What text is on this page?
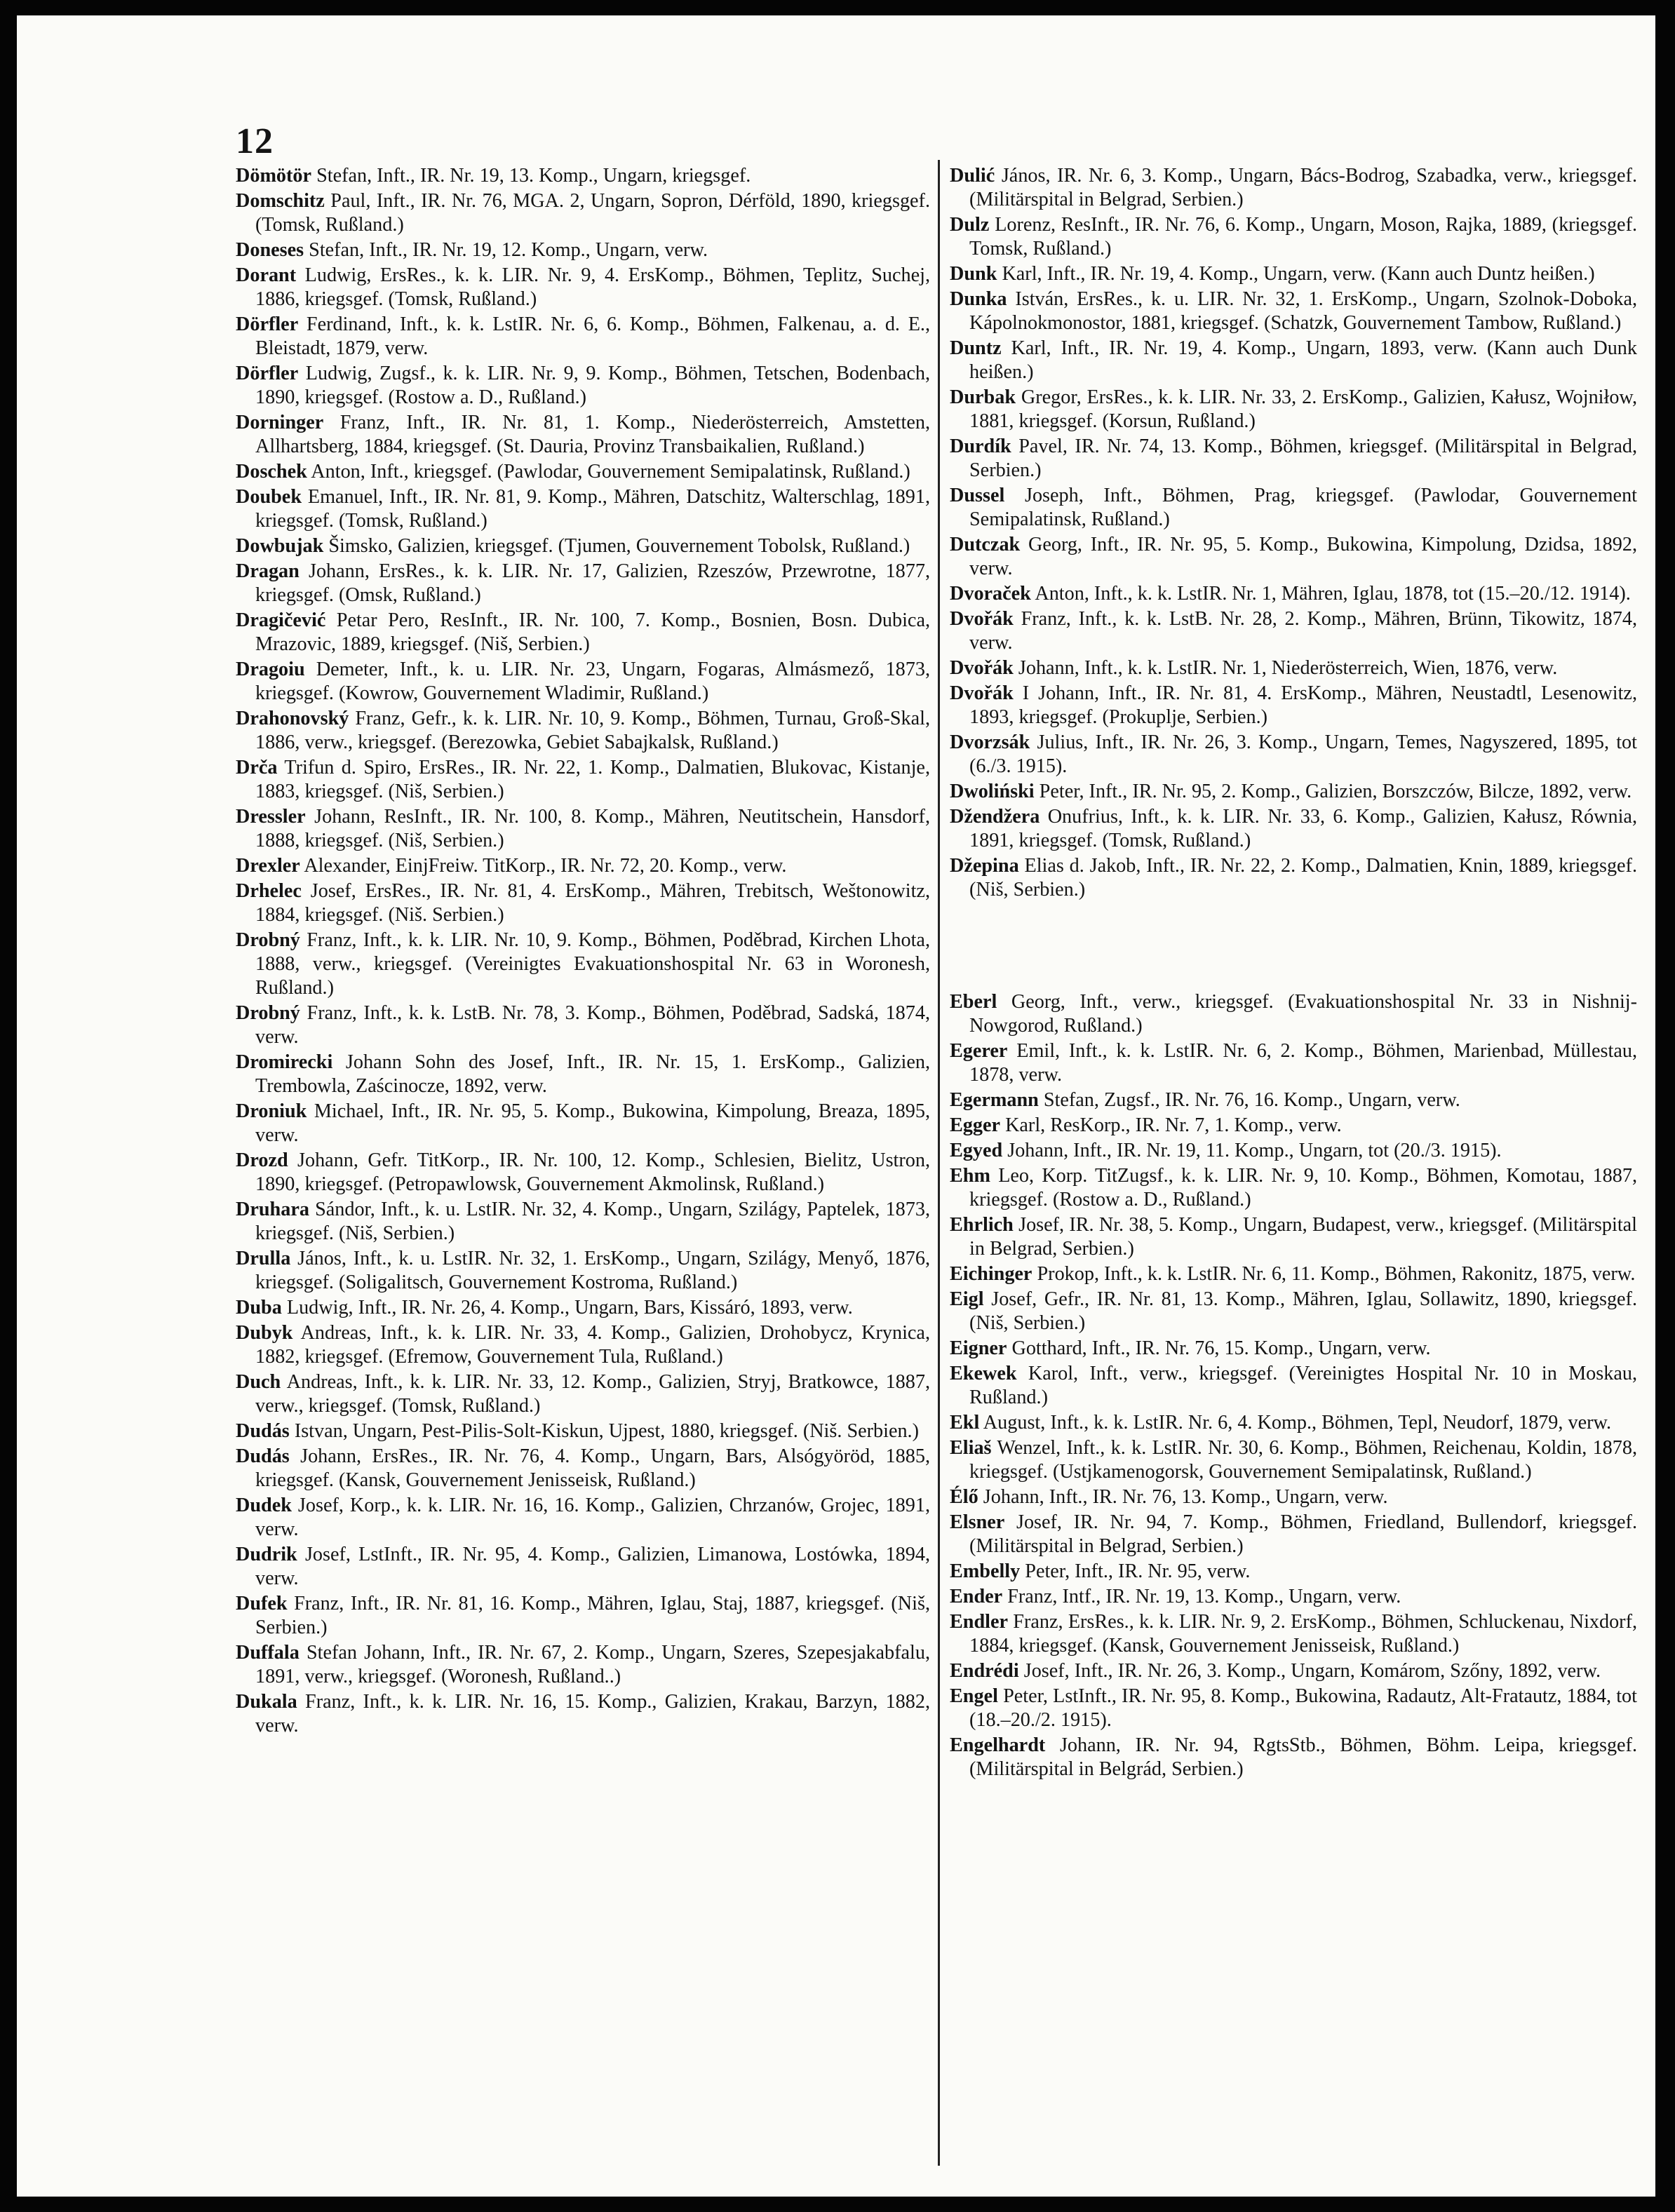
12

Dömötör Stefan, Inft., IR. Nr. 19, 13. Komp., Ungarn, kriegsgef.

Domschitz Paul, Inft., IR. Nr. 76, MGA. 2, Ungarn, Sopron, Dérföld, 1890, kriegsgef. (Tomsk, Rußland.)

Doneses Stefan, Inft., IR. Nr. 19, 12. Komp., Ungarn, verw.

Dorant Ludwig, ErsRes., k. k. LIR. Nr. 9, 4. ErsKomp., Böhmen, Teplitz, Suchej, 1886, kriegsgef. (Tomsk, Rußland.)

Dörfler Ferdinand, Inft., k. k. LstIR. Nr. 6, 6. Komp., Böhmen, Falkenau, a. d. E., Bleistadt, 1879, verw.

Dörfler Ludwig, Zugsf., k. k. LIR. Nr. 9, 9. Komp., Böhmen, Tetschen, Bodenbach, 1890, kriegsgef. (Rostow a. D., Rußland.)

Dorninger Franz, Inft., IR. Nr. 81, 1. Komp., Niederösterreich, Amstetten, Allhartsberg, 1884, kriegsgef. (St. Dauria, Provinz Transbaikalien, Rußland.)

Doschek Anton, Inft., kriegsgef. (Pawlodar, Gouvernement Semipalatinsk, Rußland.)

Doubek Emanuel, Inft., IR. Nr. 81, 9. Komp., Mähren, Datschitz, Walterschlag, 1891, kriegsgef. (Tomsk, Rußland.)

Dowbujak Šimsko, Galizien, kriegsgef. (Tjumen, Gouvernement Tobolsk, Rußland.)

Dragan Johann, ErsRes., k. k. LIR. Nr. 17, Galizien, Rzeszów, Przewrotne, 1877, kriegsgef. (Omsk, Rußland.)

Dragičević Petar Pero, ResInft., IR. Nr. 100, 7. Komp., Bosnien, Bosn. Dubica, Mrazovic, 1889, kriegsgef. (Niš, Serbien.)

Dragoiu Demeter, Inft., k. u. LIR. Nr. 23, Ungarn, Fogaras, Almásmező, 1873, kriegsgef. (Kowrow, Gouvernement Wladimir, Rußland.)

Drahonovský Franz, Gefr., k. k. LIR. Nr. 10, 9. Komp., Böhmen, Turnau, Groß-Skal, 1886, verw., kriegsgef. (Berezowka, Gebiet Sabajkalsk, Rußland.)

Drča Trifun d. Spiro, ErsRes., IR. Nr. 22, 1. Komp., Dalmatien, Blukovac, Kistanje, 1883, kriegsgef. (Niš, Serbien.)

Dressler Johann, ResInft., IR. Nr. 100, 8. Komp., Mähren, Neutitschein, Hansdorf, 1888, kriegsgef. (Niš, Serbien.)

Drexler Alexander, EinjFreiw. TitKorp., IR. Nr. 72, 20. Komp., verw.

Drhelec Josef, ErsRes., IR. Nr. 81, 4. ErsKomp., Mähren, Trebitsch, Weštonowitz, 1884, kriegsgef. (Niš. Serbien.)

Drobný Franz, Inft., k. k. LIR. Nr. 10, 9. Komp., Böhmen, Poděbrad, Kirchen Lhota, 1888, verw., kriegsgef. (Vereinigtes Evakuationshospital Nr. 63 in Woronesh, Rußland.)

Drobný Franz, Inft., k. k. LstB. Nr. 78, 3. Komp., Böhmen, Poděbrad, Sadská, 1874, verw.

Dromirecki Johann Sohn des Josef, Inft., IR. Nr. 15, 1. ErsKomp., Galizien, Trembowla, Zaścinocze, 1892, verw.

Droniuk Michael, Inft., IR. Nr. 95, 5. Komp., Bukowina, Kimpolung, Breaza, 1895, verw.

Drozd Johann, Gefr. TitKorp., IR. Nr. 100, 12. Komp., Schlesien, Bielitz, Ustron, 1890, kriegsgef. (Petropawlowsk, Gouvernement Akmolinsk, Rußland.)

Druhara Sándor, Inft., k. u. LstIR. Nr. 32, 4. Komp., Ungarn, Szilágy, Paptelek, 1873, kriegsgef. (Niš, Serbien.)

Drulla János, Inft., k. u. LstIR. Nr. 32, 1. ErsKomp., Ungarn, Szilágy, Menyő, 1876, kriegsgef. (Soligalitsch, Gouvernement Kostroma, Rußland.)

Duba Ludwig, Inft., IR. Nr. 26, 4. Komp., Ungarn, Bars, Kissáró, 1893, verw.

Dubyk Andreas, Inft., k. k. LIR. Nr. 33, 4. Komp., Galizien, Drohobycz, Krynica, 1882, kriegsgef. (Efremow, Gouvernement Tula, Rußland.)

Duch Andreas, Inft., k. k. LIR. Nr. 33, 12. Komp., Galizien, Stryj, Bratkowce, 1887, verw., kriegsgef. (Tomsk, Rußland.)

Dudás Istvan, Ungarn, Pest-Pilis-Solt-Kiskun, Ujpest, 1880, kriegsgef. (Niš. Serbien.)

Dudás Johann, ErsRes., IR. Nr. 76, 4. Komp., Ungarn, Bars, Alsógyöröd, 1885, kriegsgef. (Kansk, Gouvernement Jenisseisk, Rußland.)

Dudek Josef, Korp., k. k. LIR. Nr. 16, 16. Komp., Galizien, Chrzanów, Grojec, 1891, verw.

Dudrik Josef, LstInft., IR. Nr. 95, 4. Komp., Galizien, Limanowa, Lostówka, 1894, verw.

Dufek Franz, Inft., IR. Nr. 81, 16. Komp., Mähren, Iglau, Staj, 1887, kriegsgef. (Niš, Serbien.)

Duffala Stefan Johann, Inft., IR. Nr. 67, 2. Komp., Ungarn, Szeres, Szepesjakabfalu, 1891, verw., kriegsgef. (Woronesh, Rußland..)

Dukala Franz, Inft., k. k. LIR. Nr. 16, 15. Komp., Galizien, Krakau, Barzyn, 1882, verw.

Dulić János, IR. Nr. 6, 3. Komp., Ungarn, Bács-Bodrog, Szabadka, verw., kriegsgef. (Militärspital in Belgrad, Serbien.)

Dulz Lorenz, ResInft., IR. Nr. 76, 6. Komp., Ungarn, Moson, Rajka, 1889, (kriegsgef. Tomsk, Rußland.)

Dunk Karl, Inft., IR. Nr. 19, 4. Komp., Ungarn, verw. (Kann auch Duntz heißen.)

Dunka István, ErsRes., k. u. LIR. Nr. 32, 1. ErsKomp., Ungarn, Szolnok-Doboka, Kápolnokmonostor, 1881, kriegsgef. (Schatzk, Gouvernement Tambow, Rußland.)

Duntz Karl, Inft., IR. Nr. 19, 4. Komp., Ungarn, 1893, verw. (Kann auch Dunk heißen.)

Durbak Gregor, ErsRes., k. k. LIR. Nr. 33, 2. ErsKomp., Galizien, Kałusz, Wojniłow, 1881, kriegsgef. (Korsun, Rußland.)

Durdík Pavel, IR. Nr. 74, 13. Komp., Böhmen, kriegsgef. (Militärspital in Belgrad, Serbien.)

Dussel Joseph, Inft., Böhmen, Prag, kriegsgef. (Pawlodar, Gouvernement Semipalatinsk, Rußland.)

Dutczak Georg, Inft., IR. Nr. 95, 5. Komp., Bukowina, Kimpolung, Dzidsa, 1892, verw.

Dvoraček Anton, Inft., k. k. LstIR. Nr. 1, Mähren, Iglau, 1878, tot (15.–20./12. 1914).

Dvořák Franz, Inft., k. k. LstB. Nr. 28, 2. Komp., Mähren, Brünn, Tikowitz, 1874, verw.

Dvořák Johann, Inft., k. k. LstIR. Nr. 1, Niederösterreich, Wien, 1876, verw.

Dvořák I Johann, Inft., IR. Nr. 81, 4. ErsKomp., Mähren, Neustadtl, Lesenowitz, 1893, kriegsgef. (Prokuplje, Serbien.)

Dvorzsák Julius, Inft., IR. Nr. 26, 3. Komp., Ungarn, Temes, Nagyszered, 1895, tot (6./3. 1915).

Dwoliński Peter, Inft., IR. Nr. 95, 2. Komp., Galizien, Borszczów, Bilcze, 1892, verw.

Džendžera Onufrius, Inft., k. k. LIR. Nr. 33, 6. Komp., Galizien, Kałusz, Równia, 1891, kriegsgef. (Tomsk, Rußland.)

Džepina Elias d. Jakob, Inft., IR. Nr. 22, 2. Komp., Dalmatien, Knin, 1889, kriegsgef. (Niš, Serbien.)

Eberl Georg, Inft., verw., kriegsgef. (Evakuationshospital Nr. 33 in Nishnij-Nowgorod, Rußland.)

Egerer Emil, Inft., k. k. LstIR. Nr. 6, 2. Komp., Böhmen, Marienbad, Müllestau, 1878, verw.

Egermann Stefan, Zugsf., IR. Nr. 76, 16. Komp., Ungarn, verw.

Egger Karl, ResKorp., IR. Nr. 7, 1. Komp., verw.

Egyed Johann, Inft., IR. Nr. 19, 11. Komp., Ungarn, tot (20./3. 1915).

Ehm Leo, Korp. TitZugsf., k. k. LIR. Nr. 9, 10. Komp., Böhmen, Komotau, 1887, kriegsgef. (Rostow a. D., Rußland.)

Ehrlich Josef, IR. Nr. 38, 5. Komp., Ungarn, Budapest, verw., kriegsgef. (Militärspital in Belgrad, Serbien.)

Eichinger Prokop, Inft., k. k. LstIR. Nr. 6, 11. Komp., Böhmen, Rakonitz, 1875, verw.

Eigl Josef, Gefr., IR. Nr. 81, 13. Komp., Mähren, Iglau, Sollawitz, 1890, kriegsgef. (Niš, Serbien.)

Eigner Gotthard, Inft., IR. Nr. 76, 15. Komp., Ungarn, verw.

Ekewek Karol, Inft., verw., kriegsgef. (Vereinigtes Hospital Nr. 10 in Moskau, Rußland.)

Ekl August, Inft., k. k. LstIR. Nr. 6, 4. Komp., Böhmen, Tepl, Neudorf, 1879, verw.

Eliaš Wenzel, Inft., k. k. LstIR. Nr. 30, 6. Komp., Böhmen, Reichenau, Koldin, 1878, kriegsgef. (Ustjkamenogorsk, Gouvernement Semipalatinsk, Rußland.)

Élő Johann, Inft., IR. Nr. 76, 13. Komp., Ungarn, verw.

Elsner Josef, IR. Nr. 94, 7. Komp., Böhmen, Friedland, Bullendorf, kriegsgef. (Militärspital in Belgrad, Serbien.)

Embelly Peter, Inft., IR. Nr. 95, verw.

Ender Franz, Intf., IR. Nr. 19, 13. Komp., Ungarn, verw.

Endler Franz, ErsRes., k. k. LIR. Nr. 9, 2. ErsKomp., Böhmen, Schluckenau, Nixdorf, 1884, kriegsgef. (Kansk, Gouvernement Jenisseisk, Rußland.)

Endrédi Josef, Inft., IR. Nr. 26, 3. Komp., Ungarn, Komárom, Szőny, 1892, verw.

Engel Peter, LstInft., IR. Nr. 95, 8. Komp., Bukowina, Radautz, Alt-Fratautz, 1884, tot (18.–20./2. 1915).

Engelhardt Johann, IR. Nr. 94, RgtsStb., Böhmen, Böhm. Leipa, kriegsgef. (Militärspital in Belgrád, Serbien.)
